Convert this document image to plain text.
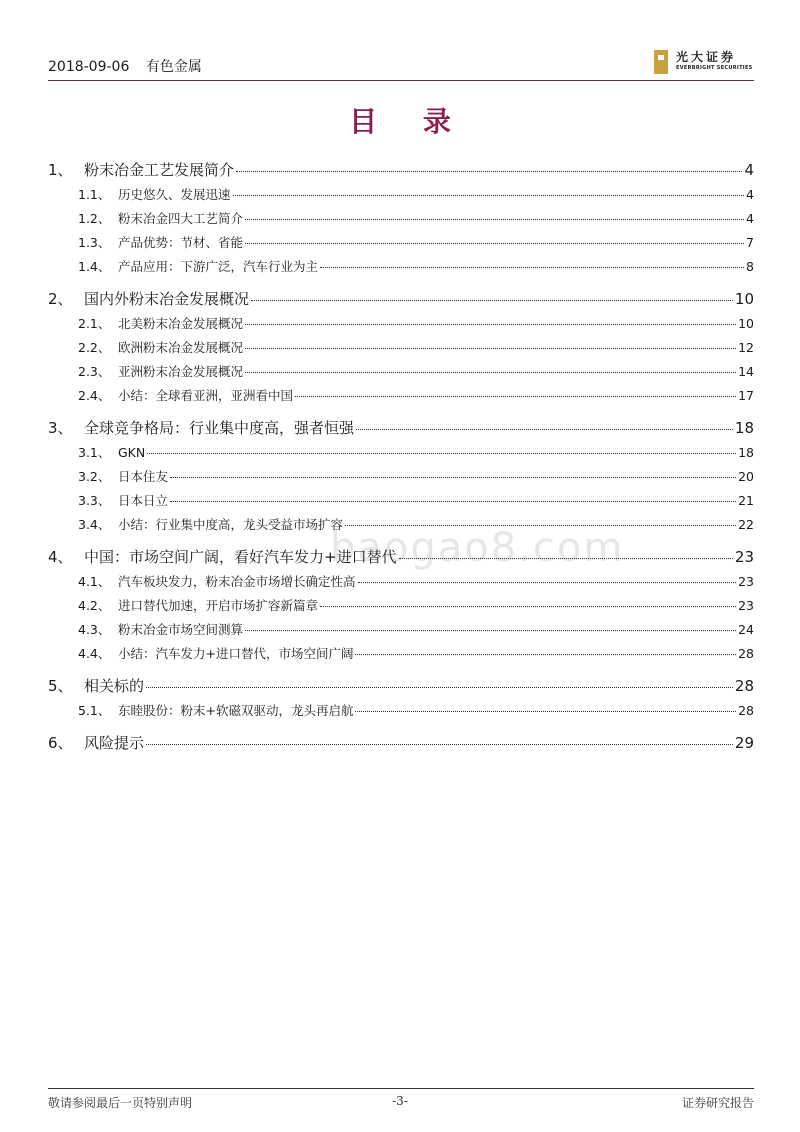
2018-09-06 有色金属
光大证券
EVERBRIGHT SECURITIES
目 录
baogao8.com
1、 粉末冶金工艺发展简介	4
1.1、 历史悠久、发展迅速	4
1.2、 粉末冶金四大工艺简介	4
1.3、 产品优势：节材、省能	7
1.4、 产品应用：下游广泛，汽车行业为主	8
2、 国内外粉末冶金发展概况	10
2.1、 北美粉末冶金发展概况	10
2.2、 欧洲粉末冶金发展概况	12
2.3、 亚洲粉末冶金发展概况	14
2.4、 小结：全球看亚洲，亚洲看中国	17
3、 全球竞争格局：行业集中度高，强者恒强	18
3.1、 GKN	18
3.2、 日本住友	20
3.3、 日本日立	21
3.4、 小结：行业集中度高，龙头受益市场扩容	22
4、 中国：市场空间广阔，看好汽车发力+进口替代	23
4.1、 汽车板块发力，粉末冶金市场增长确定性高	23
4.2、 进口替代加速，开启市场扩容新篇章	23
4.3、 粉末冶金市场空间测算	24
4.4、 小结：汽车发力+进口替代，市场空间广阔	28
5、 相关标的	28
5.1、 东睦股份：粉末+软磁双驱动，龙头再启航	28
6、 风险提示	29
敬请参阅最后一页特别声明	-3-	证券研究报告
